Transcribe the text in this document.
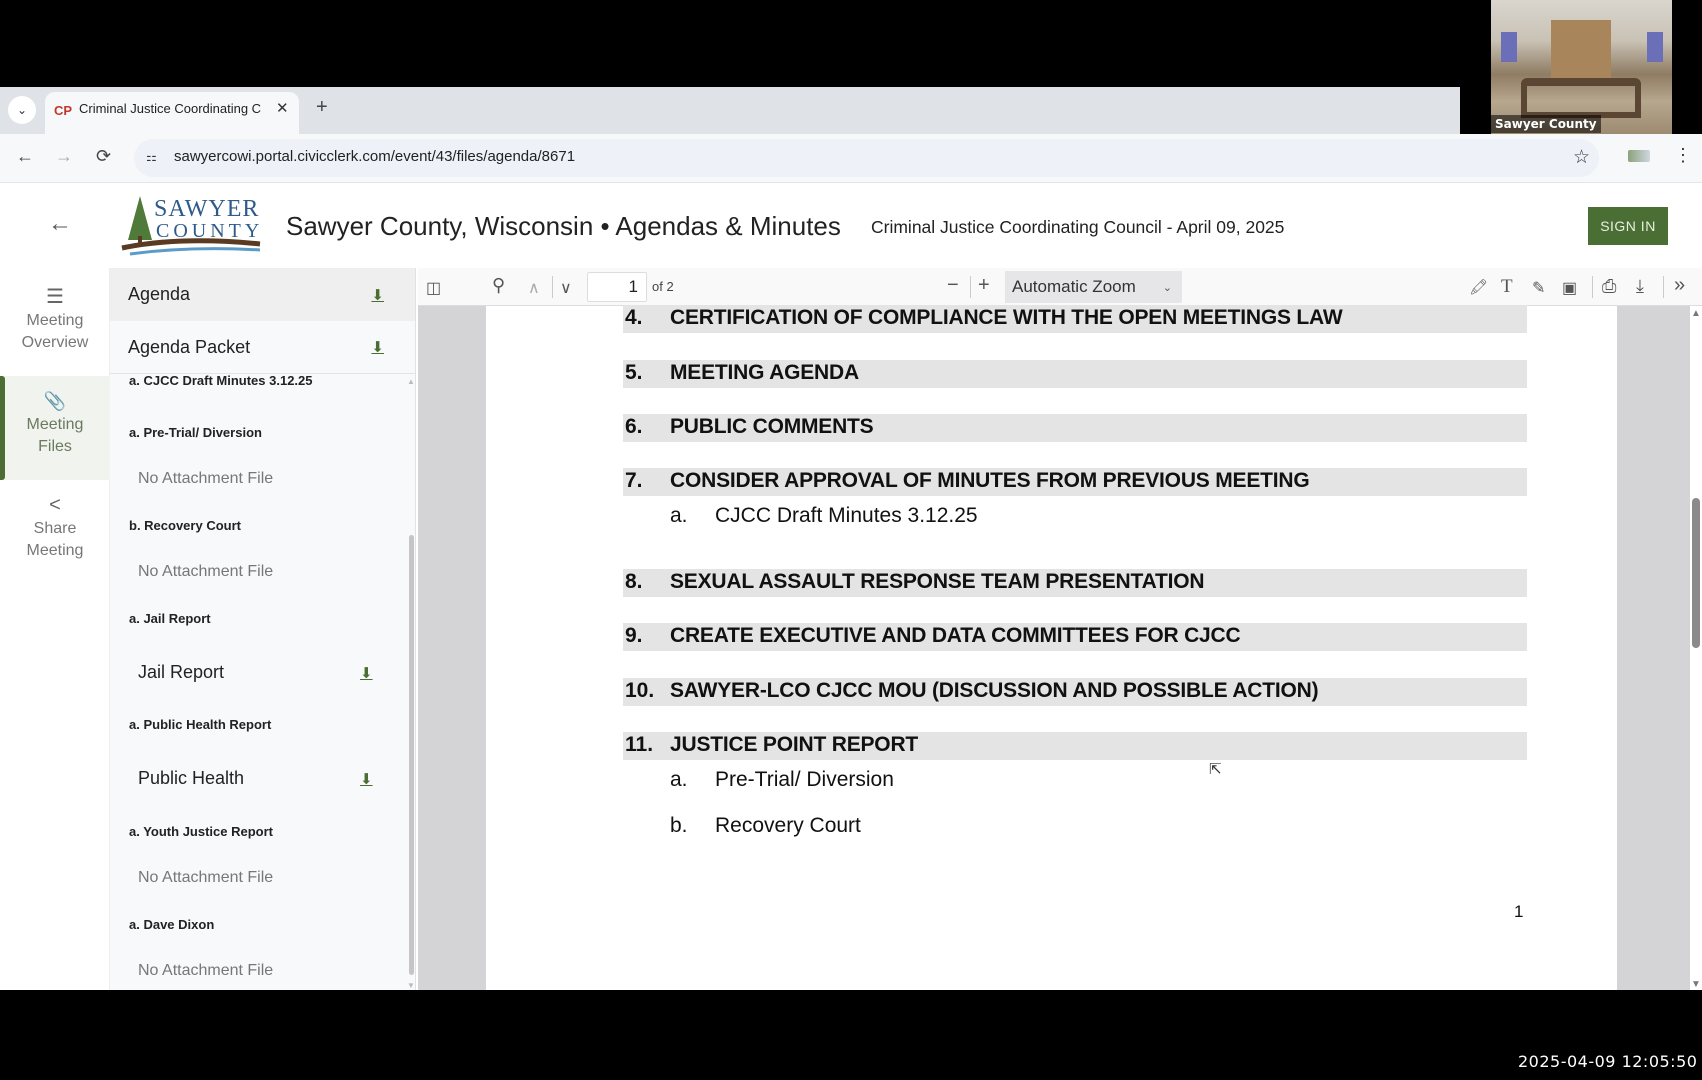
Sawyer County
⌄ CP Criminal Justice Coordinating C ✕ +
← → ⟳	⚏ sawyercowi.portal.civicclerk.com/event/43/files/agenda/8671	☆	⋮
←
SAWYER
COUNTY Sawyer County, Wisconsin • Agendas & Minutes Criminal Justice Coordinating Council - April 09, 2025	SIGN IN
☰
Meeting
Overview
📎
Meeting
Files
<
Share
Meeting
Agenda	⬇
Agenda Packet	⬇
a. CJCC Draft Minutes 3.12.25
a. Pre-Trial/ Diversion
No Attachment File
b. Recovery Court
No Attachment File
a. Jail Report
Jail Report	⬇
a. Public Health Report
Public Health	⬇
a. Youth Justice Report
No Attachment File
a. Dave Dixon
No Attachment File
▲
▼
◫	⚲ ∧ ∨
1	of 2	− + Automatic Zoom ⌄	🖍 T ✎ ▣ ⎙ ⤓ »
4. CERTIFICATION OF COMPLIANCE WITH THE OPEN MEETINGS LAW
5. MEETING AGENDA
6. PUBLIC COMMENTS
7. CONSIDER APPROVAL OF MINUTES FROM PREVIOUS MEETING
a. CJCC Draft Minutes 3.12.25
8. SEXUAL ASSAULT RESPONSE TEAM PRESENTATION
9. CREATE EXECUTIVE AND DATA COMMITTEES FOR CJCC
10. SAWYER-LCO CJCC MOU (DISCUSSION AND POSSIBLE ACTION)
11. JUSTICE POINT REPORT
a. Pre-Trial/ Diversion
b. Recovery Court
1
⇱
▲
▼
2025-04-09 12:05:50
